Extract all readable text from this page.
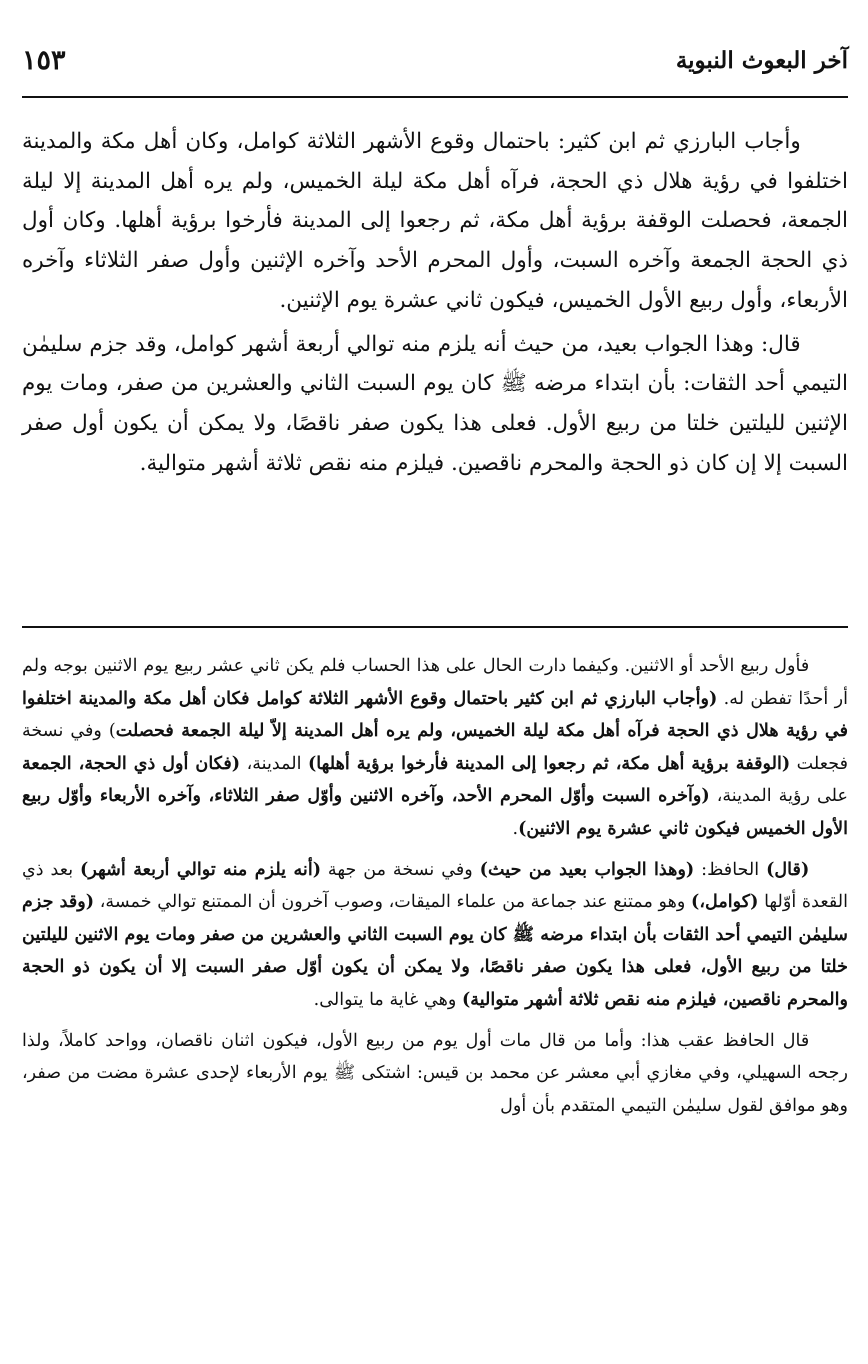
آخر البعوث النبوية
١٥٣

وأجاب البارزي ثم ابن كثير: باحتمال وقوع الأشهر الثلاثة كوامل، وكان أهل مكة والمدينة اختلفوا في رؤية هلال ذي الحجة، فرآه أهل مكة ليلة الخميس، ولم يره أهل المدينة إلا ليلة الجمعة، فحصلت الوقفة برؤية أهل مكة، ثم رجعوا إلى المدينة فأرخوا برؤية أهلها. وكان أول ذي الحجة الجمعة وآخره السبت، وأول المحرم الأحد وآخره الإثنين وأول صفر الثلاثاء وآخره الأربعاء، وأول ربيع الأول الخميس، فيكون ثاني عشرة يوم الإثنين.

قال: وهذا الجواب بعيد، من حيث أنه يلزم منه توالي أربعة أشهر كوامل، وقد جزم سليمٰن التيمي أحد الثقات: بأن ابتداء مرضه ﷺ كان يوم السبت الثاني والعشرين من صفر، ومات يوم الإثنين لليلتين خلتا من ربيع الأول. فعلى هذا يكون صفر ناقصًا، ولا يمكن أن يكون أول صفر السبت إلا إن كان ذو الحجة والمحرم ناقصين. فيلزم منه نقص ثلاثة أشهر متوالية.

فأول ربيع الأحد أو الاثنين. وكيفما دارت الحال على هذا الحساب فلم يكن ثاني عشر ربيع يوم الاثنين بوجه ولم أر أحدًا تفطن له. (وأجاب البارزي ثم ابن كثير باحتمال وقوع الأشهر الثلاثة كوامل فكان أهل مكة والمدينة اختلفوا في رؤية هلال ذي الحجة فرآه أهل مكة ليلة الخميس، ولم يره أهل المدينة إلاّ ليلة الجمعة فحصلت) وفي نسخة فجعلت (الوقفة برؤية أهل مكة، ثم رجعوا إلى المدينة فأرخوا برؤية أهلها) المدينة، (فكان أول ذي الحجة، الجمعة على رؤية المدينة، (وآخره السبت وأوّل المحرم الأحد، وآخره الاثنين وأوّل صفر الثلاثاء، وآخره الأربعاء وأوّل ربيع الأول الخميس فيكون ثاني عشرة يوم الاثنين).

(قال) الحافظ: (وهذا الجواب بعيد من حيث) وفي نسخة من جهة (أنه يلزم منه توالي أربعة أشهر) بعد ذي القعدة أوّلها (كوامل،) وهو ممتنع عند جماعة من علماء الميقات، وصوب آخرون أن الممتنع توالي خمسة، (وقد جزم سليمٰن التيمي أحد الثقات بأن ابتداء مرضه ﷺ كان يوم السبت الثاني والعشرين من صفر ومات يوم الاثنين لليلتين خلتا من ربيع الأول، فعلى هذا يكون صفر ناقصًا، ولا يمكن أن يكون أوّل صفر السبت إلا أن يكون ذو الحجة والمحرم ناقصين، فيلزم منه نقص ثلاثة أشهر متوالية) وهي غاية ما يتوالى.

قال الحافظ عقب هذا: وأما من قال مات أول يوم من ربيع الأول، فيكون اثنان ناقصان، وواحد كاملاً، ولذا رجحه السهيلي، وفي مغازي أبي معشر عن محمد بن قيس: اشتكى ﷺ يوم الأربعاء لإحدى عشرة مضت من صفر، وهو موافق لقول سليمٰن التيمي المتقدم بأن أول
